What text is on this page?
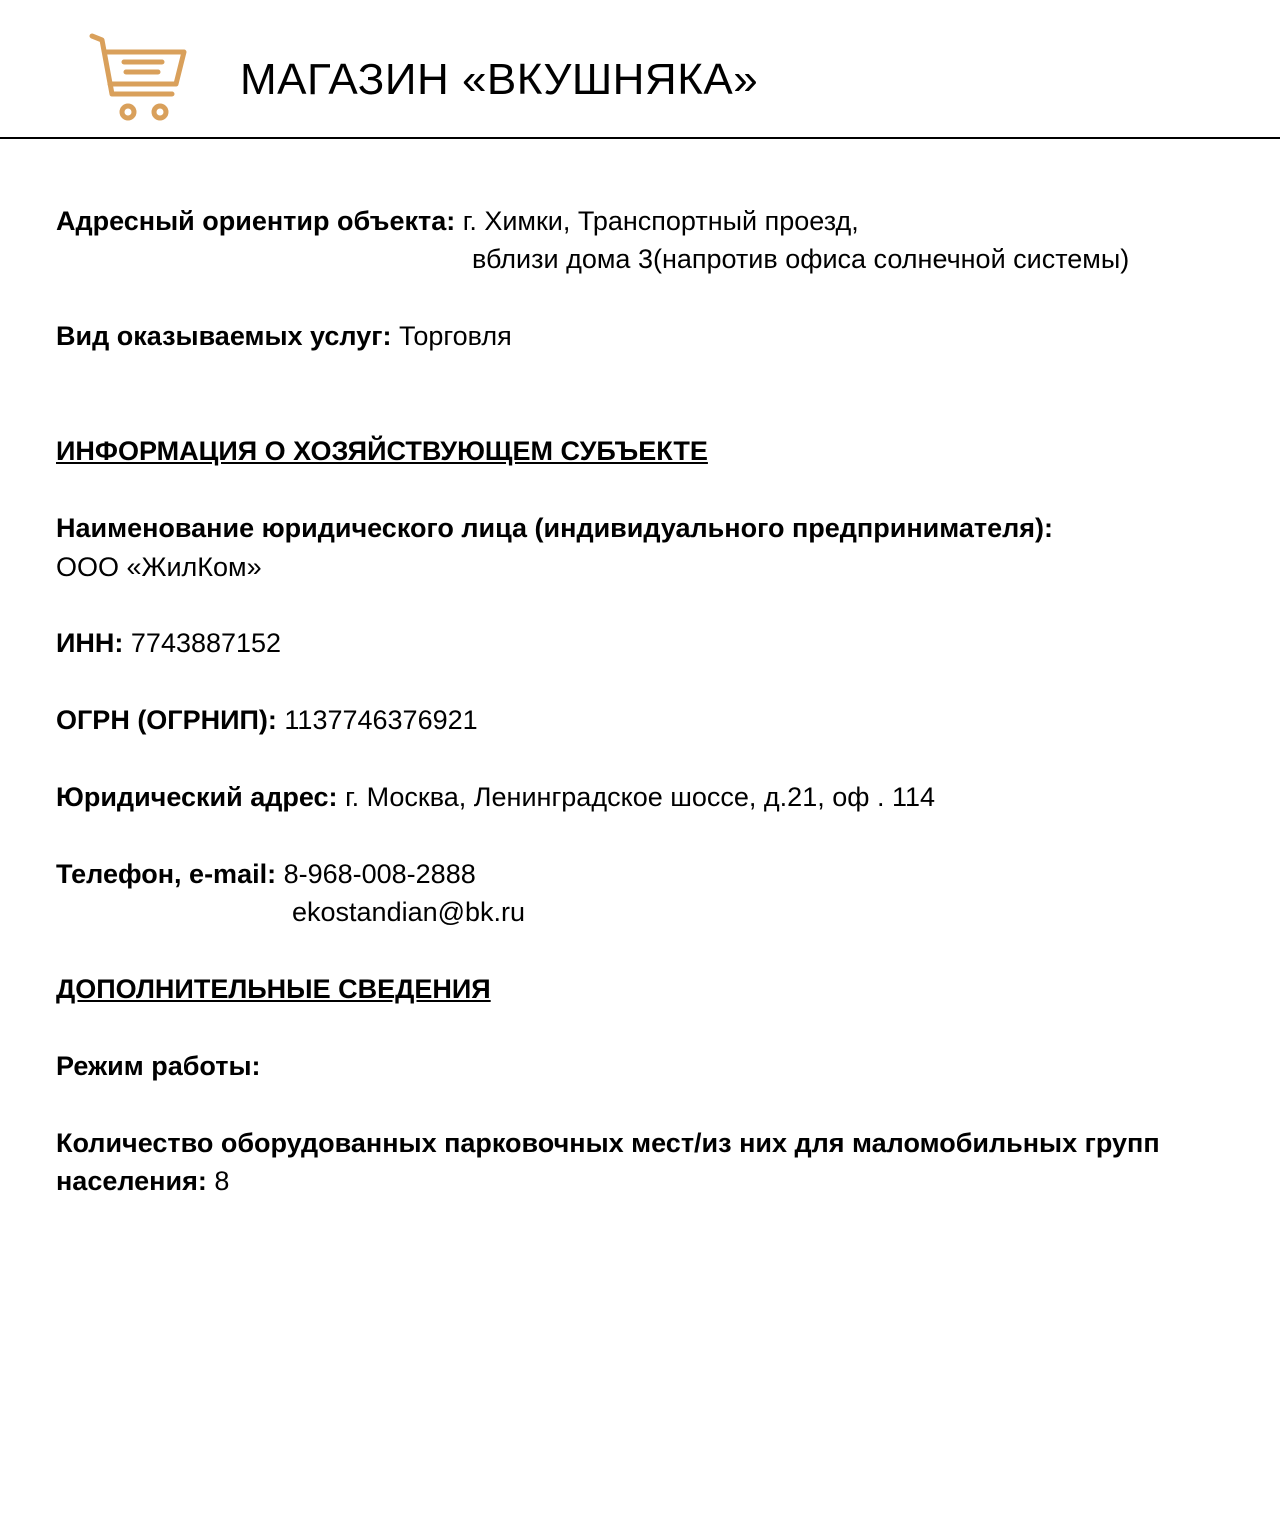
МАГАЗИН «ВКУШНЯКА»
Адресный ориентир объекта: г. Химки, Транспортный проезд,
вблизи дома 3(напротив офиса солнечной системы)
Вид оказываемых услуг: Торговля
ИНФОРМАЦИЯ О ХОЗЯЙСТВУЮЩЕМ СУБЪЕКТЕ
Наименование юридического лица (индивидуального предпринимателя):
ООО «ЖилКом»
ИНН: 7743887152
ОГРН (ОГРНИП): 1137746376921
Юридический адрес: г. Москва, Ленинградское шоссе, д.21, оф . 114
Телефон, e-mail: 8-968-008-2888
ekostandian@bk.ru
ДОПОЛНИТЕЛЬНЫЕ СВЕДЕНИЯ
Режим работы:
Количество оборудованных парковочных мест/из них для маломобильных групп
населения: 8
